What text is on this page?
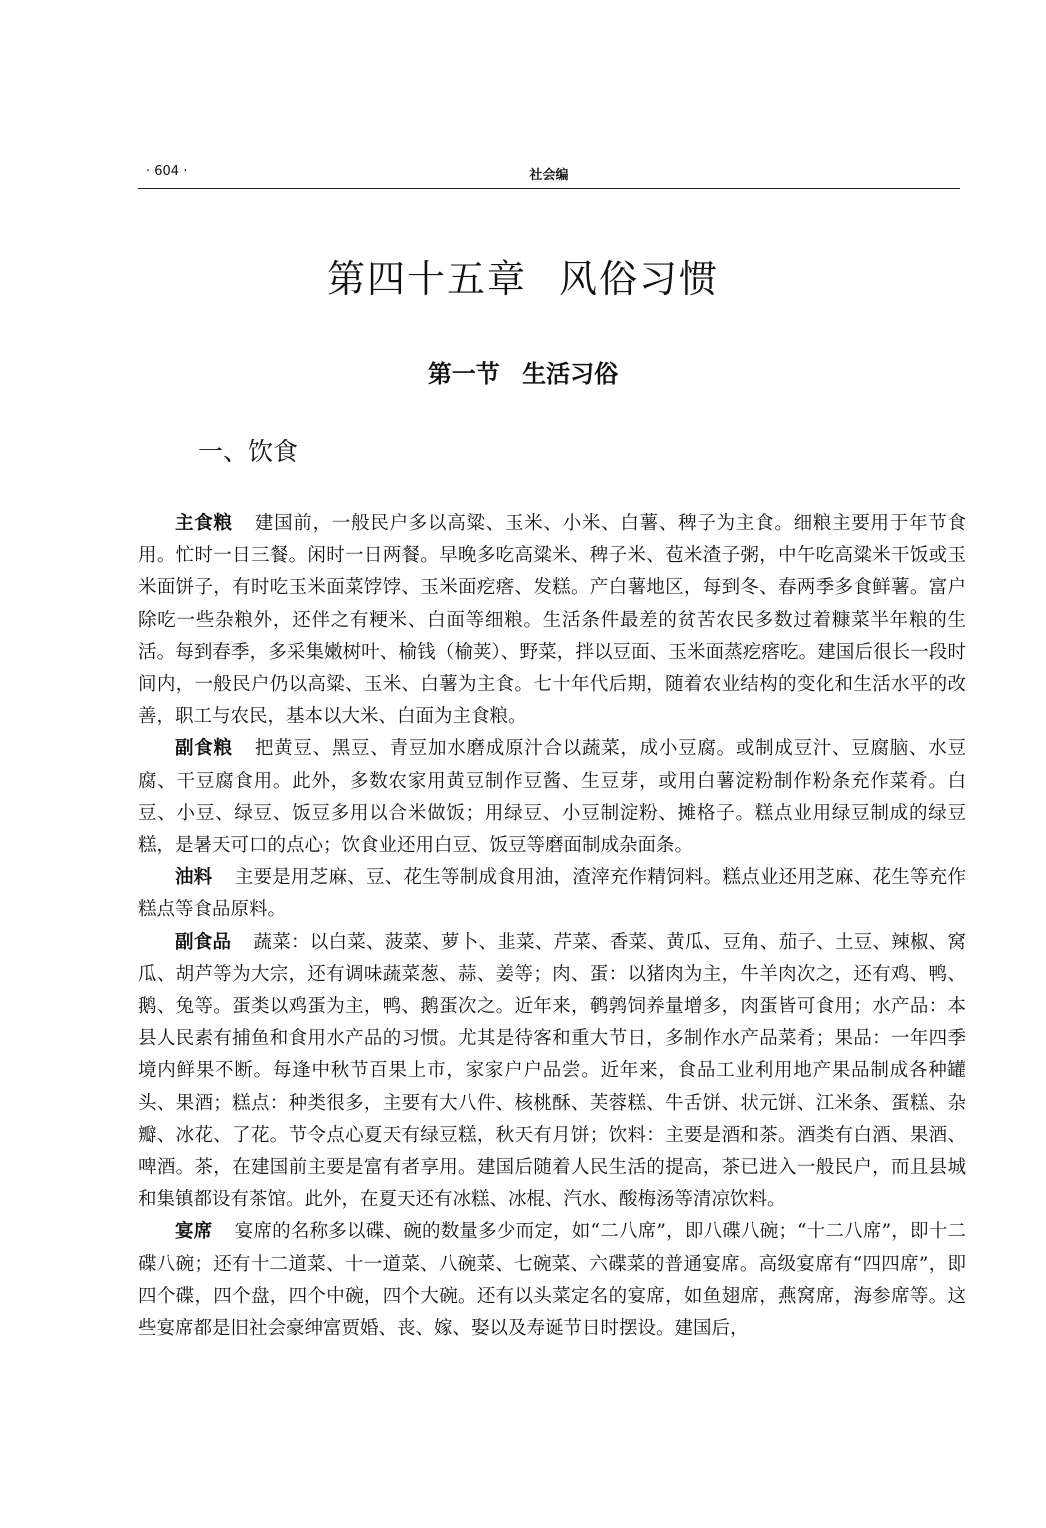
· 604 ·	社会编
第四十五章 风俗习惯
第一节 生活习俗
一、饮食

主食粮 建国前，一般民户多以高粱、玉米、小米、白薯、稗子为主食。细粮主要用于年节食用。忙时一日三餐。闲时一日两餐。早晚多吃高粱米、稗子米、苞米渣子粥，中午吃高粱米干饭或玉米面饼子，有时吃玉米面菜饽饽、玉米面疙瘩、发糕。产白薯地区，每到冬、春两季多食鲜薯。富户除吃一些杂粮外，还伴之有粳米、白面等细粮。生活条件最差的贫苦农民多数过着糠菜半年粮的生活。每到春季，多采集嫩树叶、榆钱（榆荚）、野菜，拌以豆面、玉米面蒸疙瘩吃。建国后很长一段时间内，一般民户仍以高粱、玉米、白薯为主食。七十年代后期，随着农业结构的变化和生活水平的改善，职工与农民，基本以大米、白面为主食粮。

副食粮 把黄豆、黑豆、青豆加水磨成原汁合以蔬菜，成小豆腐。或制成豆汁、豆腐脑、水豆腐、干豆腐食用。此外，多数农家用黄豆制作豆酱、生豆芽，或用白薯淀粉制作粉条充作菜肴。白豆、小豆、绿豆、饭豆多用以合米做饭；用绿豆、小豆制淀粉、摊格子。糕点业用绿豆制成的绿豆糕，是暑天可口的点心；饮食业还用白豆、饭豆等磨面制成杂面条。

油料 主要是用芝麻、豆、花生等制成食用油，渣滓充作精饲料。糕点业还用芝麻、花生等充作糕点等食品原料。

副食品 蔬菜：以白菜、菠菜、萝卜、韭菜、芹菜、香菜、黄瓜、豆角、茄子、土豆、辣椒、窝瓜、胡芦等为大宗，还有调味蔬菜葱、蒜、姜等；肉、蛋：以猪肉为主，牛羊肉次之，还有鸡、鸭、鹅、兔等。蛋类以鸡蛋为主，鸭、鹅蛋次之。近年来，鹌鹑饲养量增多，肉蛋皆可食用；水产品：本县人民素有捕鱼和食用水产品的习惯。尤其是待客和重大节日，多制作水产品菜肴；果品：一年四季境内鲜果不断。每逢中秋节百果上市，家家户户品尝。近年来，食品工业利用地产果品制成各种罐头、果酒；糕点：种类很多，主要有大八件、核桃酥、芙蓉糕、牛舌饼、状元饼、江米条、蛋糕、杂瓣、冰花、了花。节令点心夏天有绿豆糕，秋天有月饼；饮料：主要是酒和茶。酒类有白酒、果酒、啤酒。茶，在建国前主要是富有者享用。建国后随着人民生活的提高，茶已进入一般民户，而且县城和集镇都设有茶馆。此外，在夏天还有冰糕、冰棍、汽水、酸梅汤等清凉饮料。

宴席 宴席的名称多以碟、碗的数量多少而定，如“二八席”，即八碟八碗；“十二八席”，即十二碟八碗；还有十二道菜、十一道菜、八碗菜、七碗菜、六碟菜的普通宴席。高级宴席有“四四席”，即四个碟，四个盘，四个中碗，四个大碗。还有以头菜定名的宴席，如鱼翅席，燕窝席，海参席等。这些宴席都是旧社会豪绅富贾婚、丧、嫁、娶以及寿诞节日时摆设。建国后，
